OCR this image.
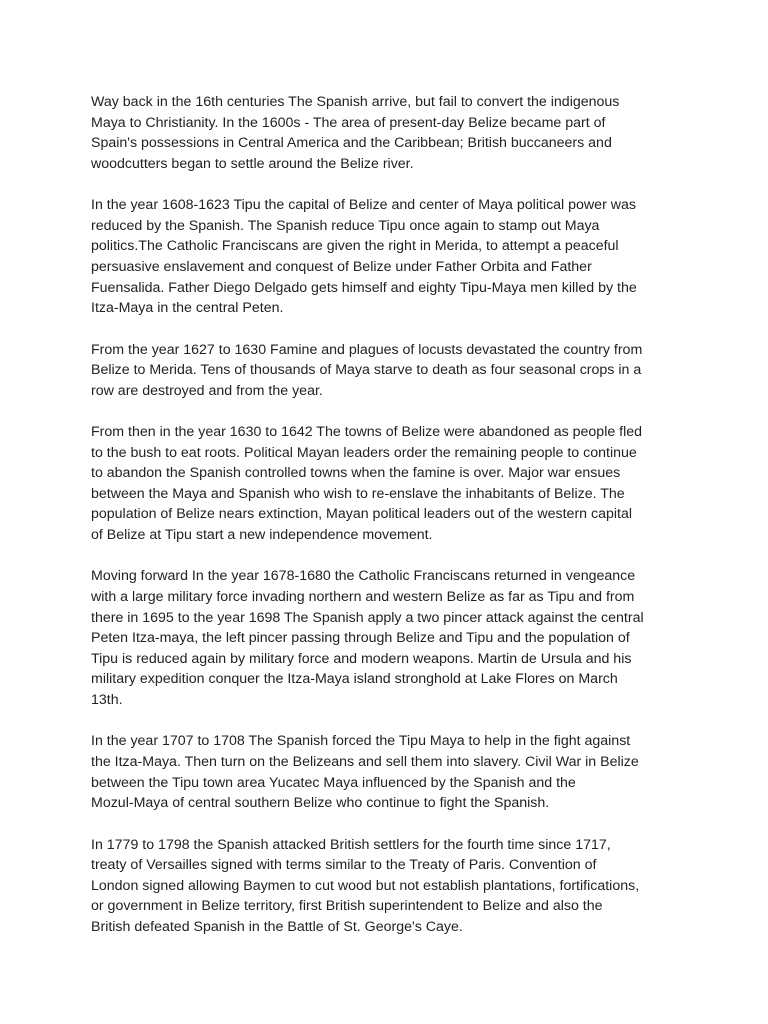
Way back in the 16th centuries The Spanish arrive, but fail to convert the indigenous
Maya to Christianity. In the 1600s - The area of present-day Belize became part of
Spain's possessions in Central America and the Caribbean; British buccaneers and
woodcutters began to settle around the Belize river.

In the year 1608-1623 Tipu the capital of Belize and center of Maya political power was
reduced by the Spanish. The Spanish reduce Tipu once again to stamp out Maya
politics.The Catholic Franciscans are given the right in Merida, to attempt a peaceful
persuasive enslavement and conquest of Belize under Father Orbita and Father
Fuensalida. Father Diego Delgado gets himself and eighty Tipu-Maya men killed by the
Itza-Maya in the central Peten.

From the year 1627 to 1630 Famine and plagues of locusts devastated the country from
Belize to Merida. Tens of thousands of Maya starve to death as four seasonal crops in a
row are destroyed and from the year.

From then in the year 1630 to 1642 The towns of Belize were abandoned as people fled
to the bush to eat roots. Political Mayan leaders order the remaining people to continue
to abandon the Spanish controlled towns when the famine is over. Major war ensues
between the Maya and Spanish who wish to re-enslave the inhabitants of Belize. The
population of Belize nears extinction, Mayan political leaders out of the western capital
of Belize at Tipu start a new independence movement.

Moving forward In the year 1678-1680 the Catholic Franciscans returned in vengeance
with a large military force invading northern and western Belize as far as Tipu and from
there in 1695 to the year 1698 The Spanish apply a two pincer attack against the central
Peten Itza-maya, the left pincer passing through Belize and Tipu and the population of
Tipu is reduced again by military force and modern weapons. Martin de Ursula and his
military expedition conquer the Itza-Maya island stronghold at Lake Flores on March
13th.

In the year 1707 to 1708 The Spanish forced the Tipu Maya to help in the fight against
the Itza-Maya. Then turn on the Belizeans and sell them into slavery. Civil War in Belize
between the Tipu town area Yucatec Maya influenced by the Spanish and the
Mozul-Maya of central southern Belize who continue to fight the Spanish.

In 1779 to 1798 the Spanish attacked British settlers for the fourth time since 1717,
treaty of Versailles signed with terms similar to the Treaty of Paris. Convention of
London signed allowing Baymen to cut wood but not establish plantations, fortifications,
or government in Belize territory, first British superintendent to Belize and also the
British defeated Spanish in the Battle of St. George's Caye.
